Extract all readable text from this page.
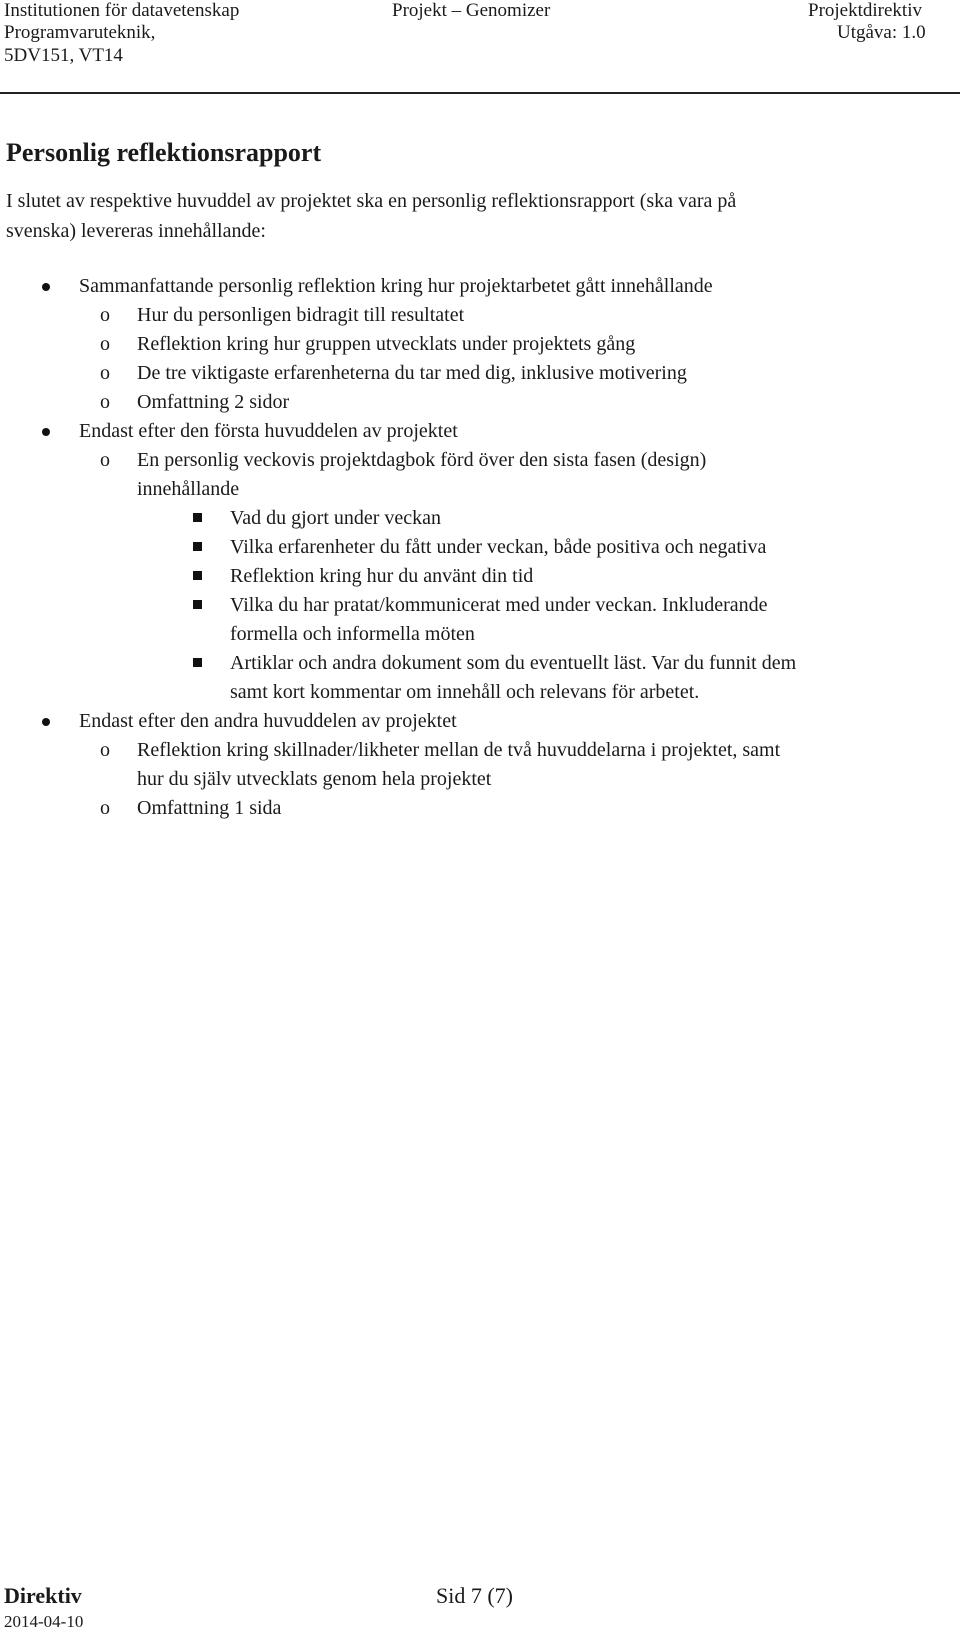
Institutionen för datavetenskap
Programvaruteknik,
5DV151, VT14
Projekt – Genomizer	Projektdirektiv
Utgåva: 1.0
Personlig reflektionsrapport
I slutet av respektive huvuddel av projektet ska en personlig reflektionsrapport (ska vara på
svenska) levereras innehållande:
Sammanfattande personlig reflektion kring hur projektarbetet gått innehållande
o Hur du personligen bidragit till resultatet
o Reflektion kring hur gruppen utvecklats under projektets gång
o De tre viktigaste erfarenheterna du tar med dig, inklusive motivering
o Omfattning 2 sidor
Endast efter den första huvuddelen av projektet
o En personlig veckovis projektdagbok förd över den sista fasen (design)
innehållande
Vad du gjort under veckan
Vilka erfarenheter du fått under veckan, både positiva och negativa
Reflektion kring hur du använt din tid
Vilka du har pratat/kommunicerat med under veckan. Inkluderande
formella och informella möten
Artiklar och andra dokument som du eventuellt läst. Var du funnit dem
samt kort kommentar om innehåll och relevans för arbetet.
Endast efter den andra huvuddelen av projektet
o Reflektion kring skillnader/likheter mellan de två huvuddelarna i projektet, samt
hur du själv utvecklats genom hela projektet
o Omfattning 1 sida
Direktiv	Sid 7 (7)
2014-04-10
